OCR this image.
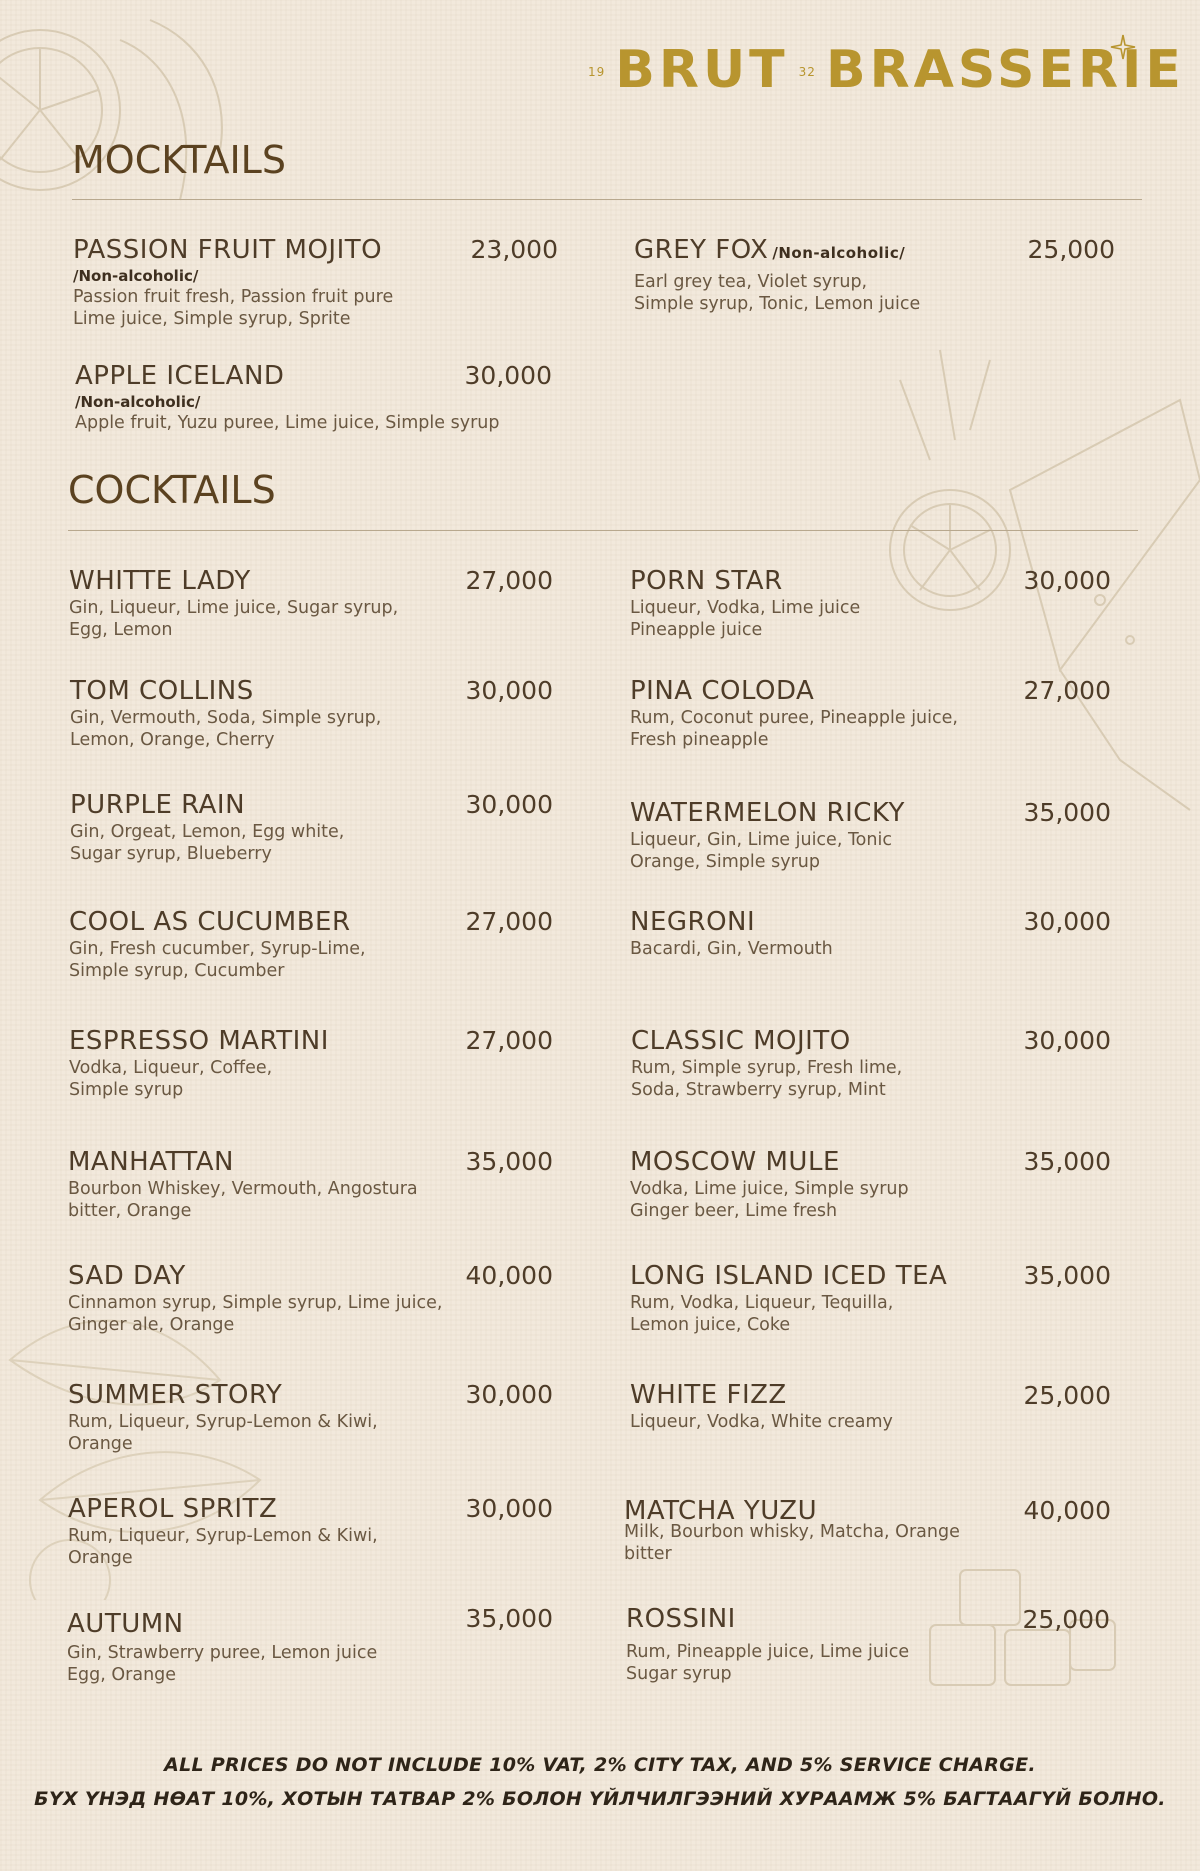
19 BRUT 32 BRASSERIE
MOCKTAILS
PASSION FRUIT MOJITO
/Non-alcoholic/
Passion fruit fresh, Passion fruit pure
Lime juice, Simple syrup, Sprite
23,000	GREY FOX /Non-alcoholic/
Earl grey tea, Violet syrup,
Simple syrup, Tonic, Lemon juice
25,000
APPLE ICELAND
/Non-alcoholic/
Apple fruit, Yuzu puree, Lime juice, Simple syrup
30,000
COCKTAILS
WHITTE LADY
Gin, Liqueur, Lime juice, Sugar syrup,
Egg, Lemon
27,000
TOM COLLINS
Gin, Vermouth, Soda, Simple syrup,
Lemon, Orange, Cherry
30,000
PURPLE RAIN
Gin, Orgeat, Lemon, Egg white,
Sugar syrup, Blueberry
30,000
COOL AS CUCUMBER
Gin, Fresh cucumber, Syrup-Lime,
Simple syrup, Cucumber
27,000
ESPRESSO MARTINI
Vodka, Liqueur, Coffee,
Simple syrup
27,000
MANHATTAN
Bourbon Whiskey, Vermouth, Angostura
bitter, Orange
35,000
SAD DAY
Cinnamon syrup, Simple syrup, Lime juice,
Ginger ale, Orange
40,000
SUMMER STORY
Rum, Liqueur, Syrup-Lemon & Kiwi,
Orange
30,000
APEROL SPRITZ
Rum, Liqueur, Syrup-Lemon & Kiwi,
Orange
30,000
AUTUMN
Gin, Strawberry puree, Lemon juice
Egg, Orange
35,000
PORN STAR
Liqueur, Vodka, Lime juice
Pineapple juice
30,000
PINA COLODA
Rum, Coconut puree, Pineapple juice,
Fresh pineapple
27,000
WATERMELON RICKY
Liqueur, Gin, Lime juice, Tonic
Orange, Simple syrup
35,000
NEGRONI
Bacardi, Gin, Vermouth
30,000
CLASSIC MOJITO
Rum, Simple syrup, Fresh lime,
Soda, Strawberry syrup, Mint
30,000
MOSCOW MULE
Vodka, Lime juice, Simple syrup
Ginger beer, Lime fresh
35,000
LONG ISLAND ICED TEA
Rum, Vodka, Liqueur, Tequilla,
Lemon juice, Coke
35,000
WHITE FIZZ
Liqueur, Vodka, White creamy
25,000
MATCHA YUZU
Milk, Bourbon whisky, Matcha, Orange
bitter
40,000
ROSSINI
Rum, Pineapple juice, Lime juice
Sugar syrup
25,000
ALL PRICES DO NOT INCLUDE 10% VAT, 2% CITY TAX, AND 5% SERVICE CHARGE.
БҮХ ҮНЭД НӨАТ 10%, ХОТЫН ТАТВАР 2% БОЛОН ҮЙЛЧИЛГЭЭНИЙ ХУРААМЖ 5% БАГТААГҮЙ БОЛНО.
